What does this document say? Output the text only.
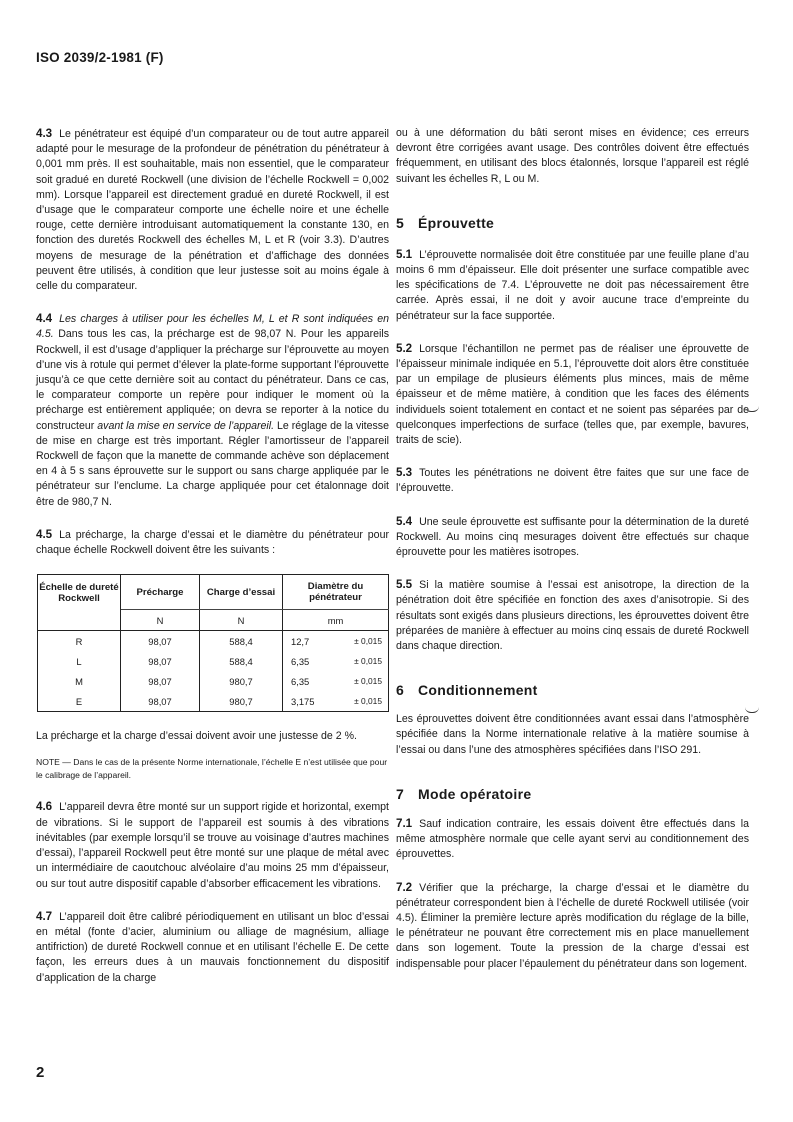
ISO 2039/2-1981 (F)

4.3 Le pénétrateur est équipé d’un comparateur ou de tout autre appareil adapté pour le mesurage de la profondeur de pénétration du pénétrateur à 0,001 mm près. Il est souhaitable, mais non essentiel, que le comparateur soit gradué en dureté Rockwell (une division de l’échelle Rockwell = 0,002 mm). Lorsque l’appareil est directement gradué en dureté Rockwell, il est d’usage que le comparateur comporte une échelle noire et une échelle rouge, cette dernière introduisant automatiquement la constante 130, en fonction des duretés Rockwell des échelles M, L et R (voir 3.3). D’autres moyens de mesurage de la pénétration et d’affichage des données peuvent être utilisés, à condition que leur justesse soit au moins égale à celle du comparateur.

4.4 Les charges à utiliser pour les échelles M, L et R sont indiquées en 4.5. Dans tous les cas, la précharge est de 98,07 N. Pour les appareils Rockwell, il est d’usage d’appliquer la précharge sur l’éprouvette au moyen d’une vis à rotule qui permet d’élever la plate-forme supportant l’éprouvette jusqu’à ce que cette dernière soit au contact du pénétrateur. Dans ce cas, le comparateur comporte un repère pour indiquer le moment où la précharge est entièrement appliquée; on devra se reporter à la notice du constructeur avant la mise en service de l’appareil. Le réglage de la vitesse de mise en charge est très important. Régler l’amortisseur de l’appareil Rockwell de façon que la manette de commande achève son déplacement en 4 à 5 s sans éprouvette sur le support ou sans charge appliquée par le pénétrateur sur l’enclume. La charge appliquée pour cet étalonnage doit être de 980,7 N.

4.5 La précharge, la charge d’essai et le diamètre du pénétrateur pour chaque échelle Rockwell doivent être les suivants :

Échelle de dureté Rockwell	Précharge	Charge d’essai	Diamètre du pénétrateur
	N	N	mm
R	98,07	588,4	12,7 ± 0,015

L	98,07	588,4	6,35 ± 0,015

M	98,07	980,7	6,35 ± 0,015

E	98,07	980,7	3,175 ± 0,015

La précharge et la charge d’essai doivent avoir une justesse de 2 %.

NOTE — Dans le cas de la présente Norme internationale, l’échelle E n’est utilisée que pour le calibrage de l’appareil.

4.6 L’appareil devra être monté sur un support rigide et horizontal, exempt de vibrations. Si le support de l’appareil est soumis à des vibrations inévitables (par exemple lorsqu’il se trouve au voisinage d’autres machines d’essai), l’appareil Rockwell peut être monté sur une plaque de métal avec un intermédiaire de caoutchouc alvéolaire d’au moins 25 mm d’épaisseur, ou sur tout autre dispositif capable d’absorber efficacement les vibrations.

4.7 L’appareil doit être calibré périodiquement en utilisant un bloc d’essai en métal (fonte d’acier, aluminium ou alliage de magnésium, alliage antifriction) de dureté Rockwell connue et en utilisant l’échelle E. De cette façon, les erreurs dues à un mauvais fonctionnement du dispositif d’application de la charge

ou à une déformation du bâti seront mises en évidence; ces erreurs devront être corrigées avant usage. Des contrôles doivent être effectués fréquemment, en utilisant des blocs étalonnés, lorsque l’appareil est réglé suivant les échelles R, L ou M.

5 Éprouvette

5.1 L’éprouvette normalisée doit être constituée par une feuille plane d’au moins 6 mm d’épaisseur. Elle doit présenter une surface compatible avec les spécifications de 7.4. L’éprouvette ne doit pas nécessairement être carrée. Après essai, il ne doit y avoir aucune trace d’empreinte du pénétrateur sur la face supportée.

5.2 Lorsque l’échantillon ne permet pas de réaliser une éprouvette de l’épaisseur minimale indiquée en 5.1, l’éprouvette doit alors être constituée par un empilage de plusieurs éléments plus minces, mais de même épaisseur et de même matière, à condition que les faces des éléments individuels soient totalement en contact et ne soient pas séparées par de quelconques imperfections de surface (telles que, par exemple, bavures, traits de scie).

5.3 Toutes les pénétrations ne doivent être faites que sur une face de l’éprouvette.

5.4 Une seule éprouvette est suffisante pour la détermination de la dureté Rockwell. Au moins cinq mesurages doivent être effectués sur chaque éprouvette pour les matières isotropes.

5.5 Si la matière soumise à l’essai est anisotrope, la direction de la pénétration doit être spécifiée en fonction des axes d’anisotropie. Si des résultats sont exigés dans plusieurs directions, les éprouvettes doivent être préparées de manière à effectuer au moins cinq essais de dureté Rockwell dans chaque direction.

6 Conditionnement

Les éprouvettes doivent être conditionnées avant essai dans l’atmosphère spécifiée dans la Norme internationale relative à la matière soumise à l’essai ou dans l’une des atmosphères spécifiées dans l’ISO 291.

7 Mode opératoire

7.1 Sauf indication contraire, les essais doivent être effectués dans la même atmosphère normale que celle ayant servi au conditionnement des éprouvettes.

7.2 Vérifier que la précharge, la charge d’essai et le diamètre du pénétrateur correspondent bien à l’échelle de dureté Rockwell utilisée (voir 4.5). Éliminer la première lecture après modification du réglage de la bille, le pénétrateur ne pouvant être correctement mis en place manuellement dans son logement. Toute la pression de la charge d’essai est indispensable pour placer l’épaulement du pénétrateur dans son logement.

2
